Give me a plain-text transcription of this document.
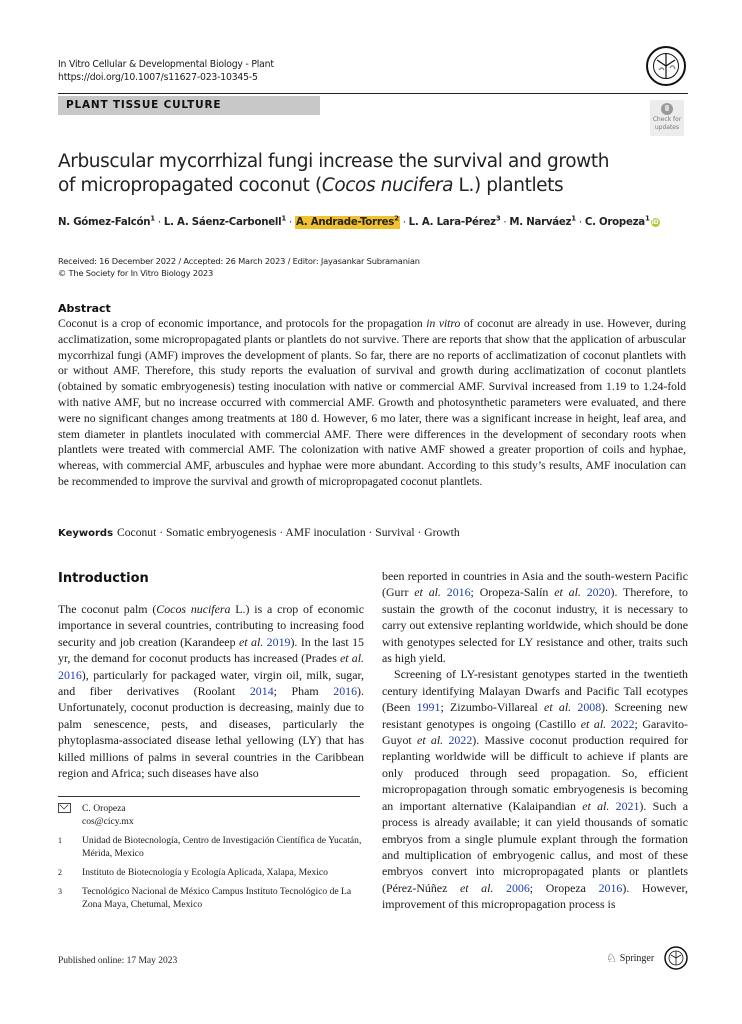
In Vitro Cellular & Developmental Biology - Plant
https://doi.org/10.1007/s11627-023-10345-5
PLANT TISSUE CULTURE
Check for
updates
Arbuscular mycorrhizal fungi increase the survival and growth
of micropropagated coconut (Cocos nucifera L.) plantlets
N. Gómez-Falcón$^1$ · L. A. Sáenz-Carbonell$^1$ · A. Andrade-Torres$^2$ · L. A. Lara-Pérez$^3$ · M. Narváez$^1$ · C. Oropeza$^1$ iD
Received: 16 December 2022 / Accepted: 26 March 2023 / Editor: Jayasankar Subramanian
© The Society for In Vitro Biology 2023
Abstract
Coconut is a crop of economic importance, and protocols for the propagation in vitro of coconut are already in use. However, during acclimatization, some micropropagated plants or plantlets do not survive. There are reports that show that the application of arbuscular mycorrhizal fungi (AMF) improves the development of plants. So far, there are no reports of acclimatization of coconut plantlets with or without AMF. Therefore, this study reports the evaluation of survival and growth during acclimatization of coconut plantlets (obtained by somatic embryogenesis) testing inoculation with native or commercial AMF. Survival increased from 1.19 to 1.24-fold with native AMF, but no increase occurred with commercial AMF. Growth and photosynthetic parameters were evaluated, and there were no significant changes among treatments at 180 d. However, 6 mo later, there was a significant increase in height, leaf area, and stem diameter in plantlets inoculated with commercial AMF. There were differences in the development of secondary roots when plantlets were treated with commercial AMF. The colonization with native AMF showed a greater proportion of coils and hyphae, whereas, with commercial AMF, arbuscules and hyphae were more abundant. According to this study’s results, AMF inoculation can be recommended to improve the survival and growth of micropropagated coconut plantlets.
Keywords Coconut · Somatic embryogenesis · AMF inoculation · Survival · Growth
Introduction

The coconut palm (Cocos nucifera L.) is a crop of economic importance in several countries, contributing to increasing food security and job creation (Karandeep et al. 2019). In the last 15 yr, the demand for coconut products has increased (Prades et al. 2016), particularly for packaged water, virgin oil, milk, sugar, and fiber derivatives (Roolant 2014; Pham 2016). Unfortunately, coconut production is decreasing, mainly due to palm senescence, pests, and diseases, particularly the phytoplasma-associated disease lethal yellowing (LY) that has killed millions of palms in several countries in the Caribbean region and Africa; such diseases have also

been reported in countries in Asia and the south-western Pacific (Gurr et al. 2016; Oropeza-Salín et al. 2020). Therefore, to sustain the growth of the coconut industry, it is necessary to carry out extensive replanting worldwide, which should be done with genotypes selected for LY resistance and other, traits such as high yield.

Screening of LY-resistant genotypes started in the twentieth century identifying Malayan Dwarfs and Pacific Tall ecotypes (Been 1991; Zizumbo-Villareal et al. 2008). Screening new resistant genotypes is ongoing (Castillo et al. 2022; Garavito-Guyot et al. 2022). Massive coconut production required for replanting worldwide will be difficult to achieve if plants are only produced through seed propagation. So, efficient micropropagation through somatic embryogenesis is becoming an important alternative (Kalaipandian et al. 2021). Such a process is already available; it can yield thousands of somatic embryos from a single plumule explant through the formation and multiplication of embryogenic callus, and most of these embryos convert into micropropagated plants or plantlets (Pérez-Núñez et al. 2006; Oropeza 2016). However, improvement of this micropropagation process is

C. Oropeza
cos@cicy.mx
1	Unidad de Biotecnología, Centro de Investigación Científica de Yucatán, Mérida, Mexico
2	Instituto de Biotecnología y Ecología Aplicada, Xalapa, Mexico
3	Tecnológico Nacional de México Campus Instituto Tecnológico de La Zona Maya, Chetumal, Mexico
Published online: 17 May 2023	♘ Springer
